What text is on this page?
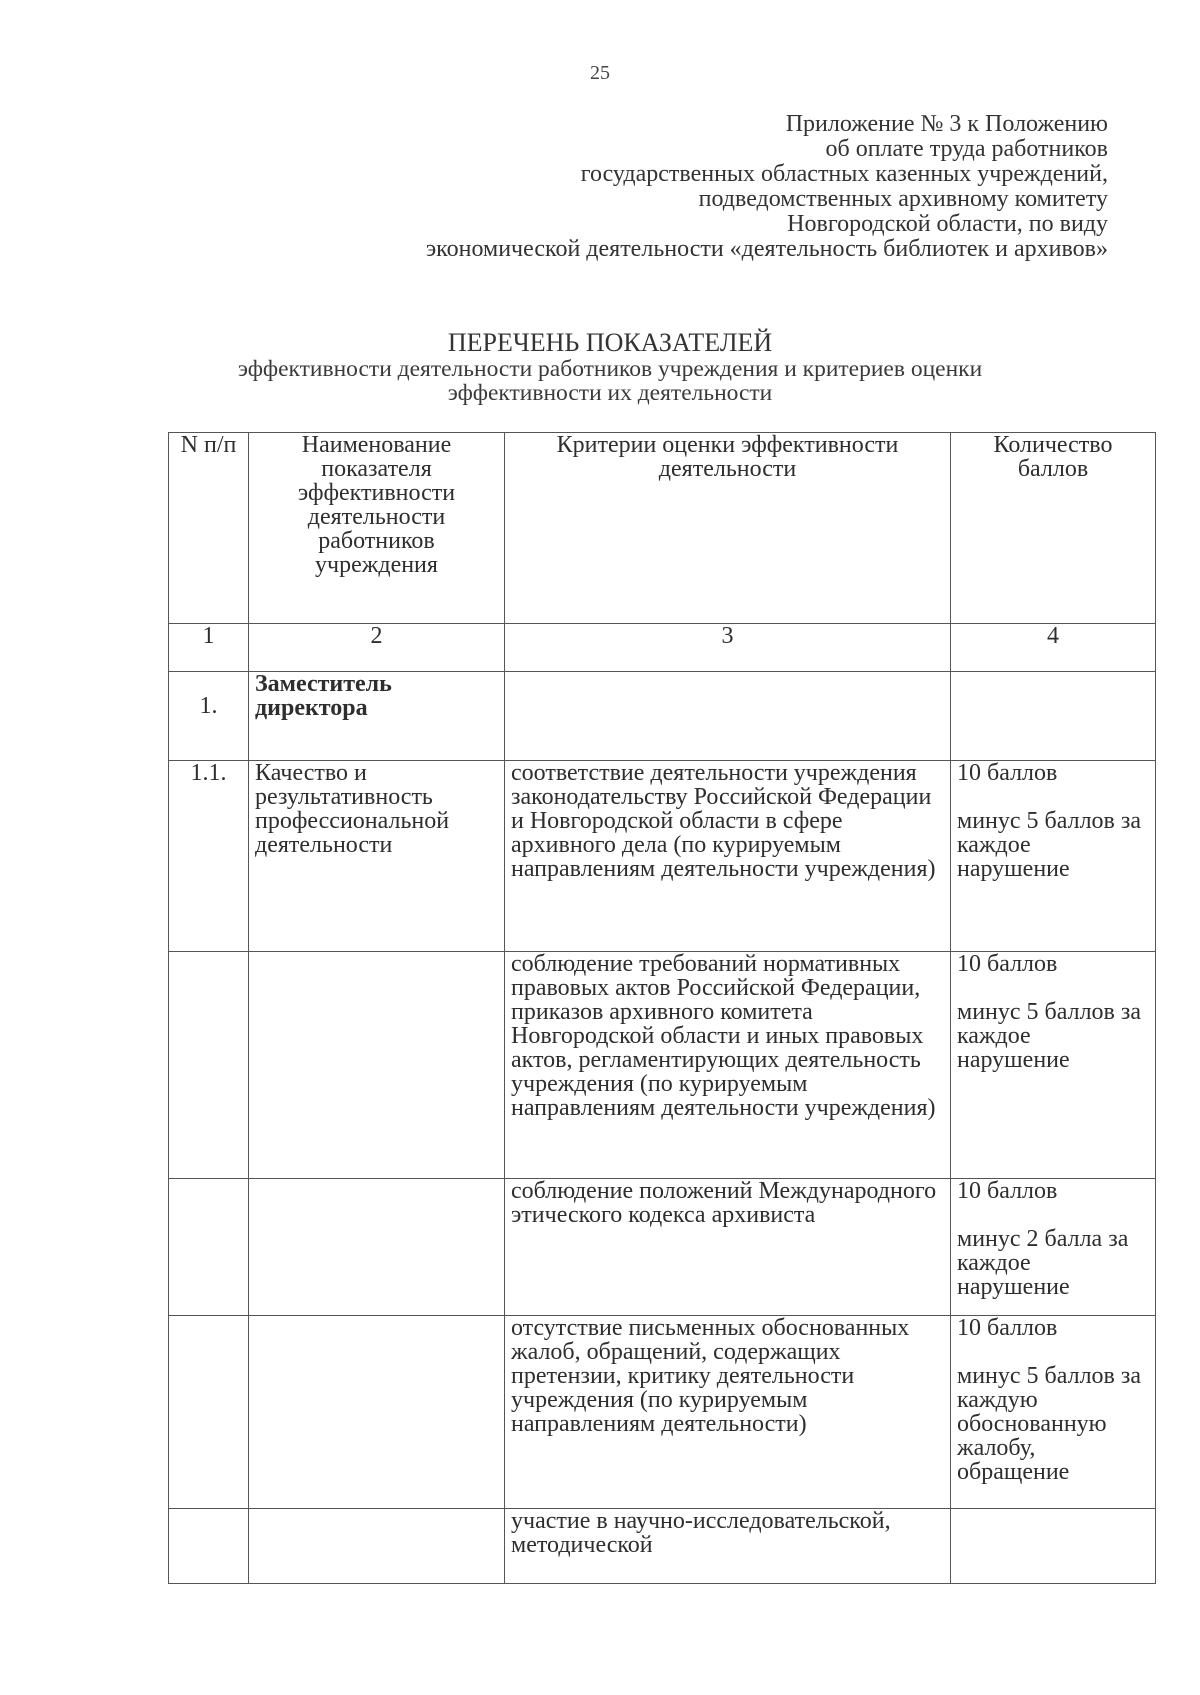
25
Приложение № 3 к Положению
об оплате труда работников
государственных областных казенных учреждений,
подведомственных архивному комитету
Новгородской области, по виду
экономической деятельности «деятельность библиотек и архивов»
ПЕРЕЧЕНЬ ПОКАЗАТЕЛЕЙ
эффективности деятельности работников учреждения и критериев оценки
эффективности их деятельности
N п/п	Наименование показателя эффективности деятельности работников учреждения	Критерии оценки эффективности деятельности	Количество баллов
1	2	3	4
1.	Заместитель директора		
1.1.	Качество и результативность профессиональной деятельности	соответствие деятельности учреждения законодательству Российской Федерации и Новгородской области в сфере архивного дела (по курируемым направлениям деятельности учреждения)	10 баллов
минус 5 баллов за каждое нарушение

		соблюдение требований нормативных правовых актов Российской Федерации, приказов архивного комитета Новгородской области и иных правовых актов, регламентирующих деятельность учреждения (по курируемым направлениям деятельности учреждения)	10 баллов
минус 5 баллов за каждое нарушение

		соблюдение положений Международного этического кодекса архивиста	10 баллов
минус 2 балла за каждое нарушение

		отсутствие письменных обоснованных жалоб, обращений, содержащих претензии, критику деятельности учреждения (по курируемым направлениям деятельности)	10 баллов
минус 5 баллов за каждую обоснованную жалобу, обращение

		участие в научно-исследовательской, методической	
